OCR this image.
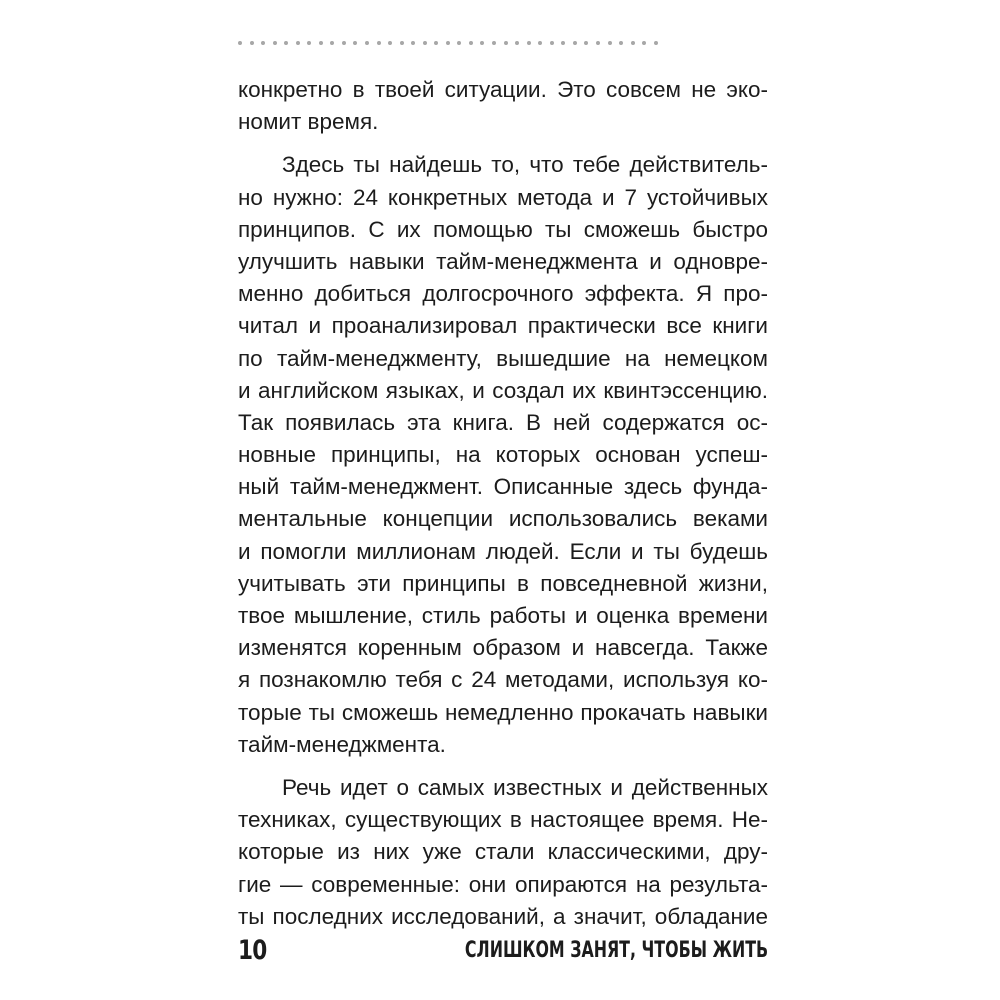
конкретно в твоей ситуации. Это совсем не эко-
номит время.
Здесь ты найдешь то, что тебе действитель-
но нужно: 24 конкретных метода и 7 устойчивых
принципов. С их помощью ты сможешь быстро
улучшить навыки тайм-менеджмента и одновре-
менно добиться долгосрочного эффекта. Я про-
читал и проанализировал практически все книги
по тайм-менеджменту, вышедшие на немецком
и английском языках, и создал их квинтэссенцию.
Так появилась эта книга. В ней содержатся ос-
новные принципы, на которых основан успеш-
ный тайм-менеджмент. Описанные здесь фунда-
ментальные концепции использовались веками
и помогли миллионам людей. Если и ты будешь
учитывать эти принципы в повседневной жизни,
твое мышление, стиль работы и оценка времени
изменятся коренным образом и навсегда. Также
я познакомлю тебя с 24 методами, используя ко-
торые ты сможешь немедленно прокачать навыки
тайм-менеджмента.
Речь идет о самых известных и действенных
техниках, существующих в настоящее время. Не-
которые из них уже стали классическими, дру-
гие — современные: они опираются на результа-
ты последних исследований, а значит, обладание
10	СЛИШКОМ ЗАНЯТ, ЧТОБЫ ЖИТЬ
